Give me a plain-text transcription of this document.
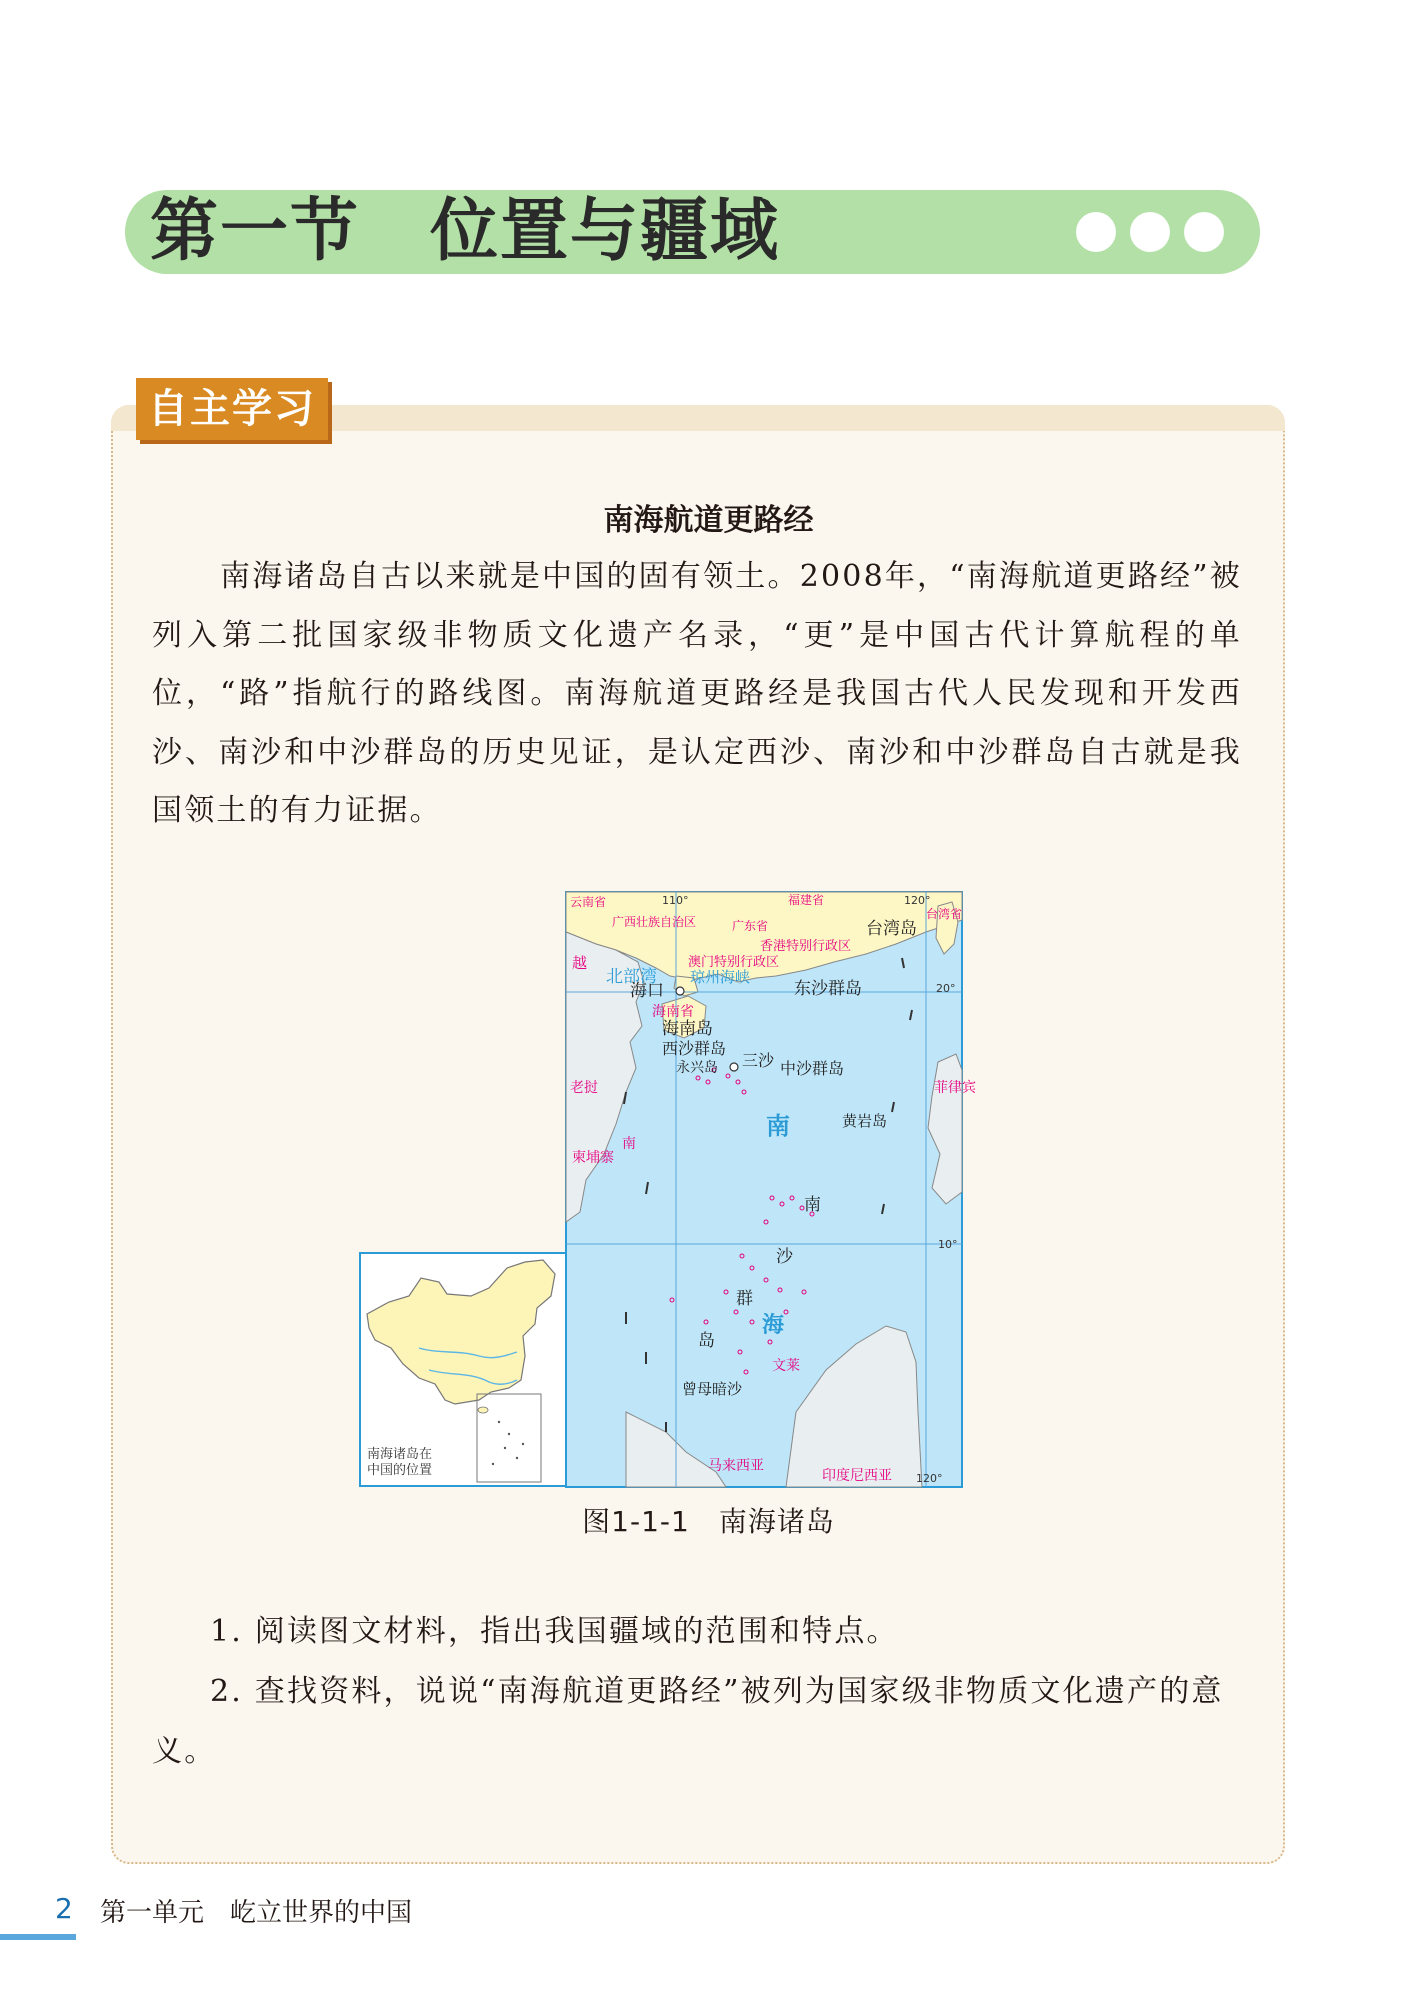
第一节　位置与疆域
自主学习
南海航道更路经

南海诸岛自古以来就是中国的固有领土。2008年，“南海航道更路经”被列入第二批国家级非物质文化遗产名录，“更”是中国古代计算航程的单位，“路”指航行的路线图。南海航道更路经是我国古代人民发现和开发西沙、南沙和中沙群岛的历史见证，是认定西沙、南沙和中沙群岛自古就是我国领土的有力证据。

南海诸岛在
中国的位置
云南省	110°	福建省	120°
广西壮族自治区
台湾省
台湾岛
广东省
香港特别行政区
澳门特别行政区
越
北部湾 琼州海峡
海口	东沙群岛	20°
海南省
海南岛
西沙群岛
永兴岛 三沙 中沙群岛
黄岩岛
老挝	菲律宾
南
柬埔寨
南
南
沙
群
岛
海
10°
文莱
曾母暗沙
马来西亚
印度尼西亚 120°
图1-1-1　南海诸岛

1. 阅读图文材料，指出我国疆域的范围和特点。

2. 查找资料，说说“南海航道更路经”被列为国家级非物质文化遗产的意义。

2 第一单元　屹立世界的中国
